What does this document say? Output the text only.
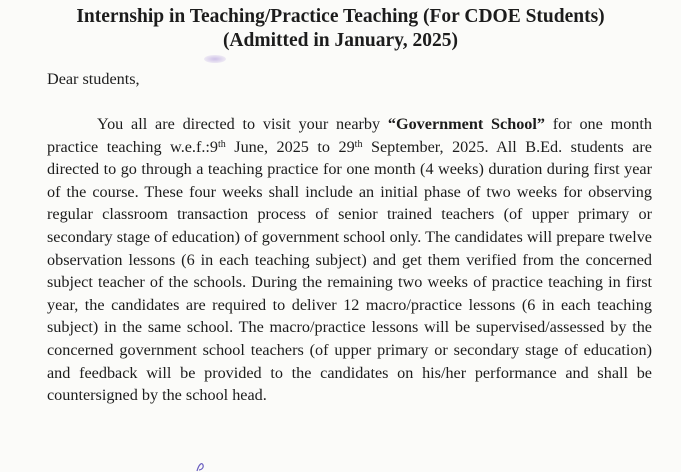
Internship in Teaching/Practice Teaching (For CDOE Students)
(Admitted in January, 2025)
Dear students,

You all are directed to visit your nearby “Government School” for one month practice teaching w.e.f.:9th June, 2025 to 29th September, 2025. All B.Ed. students are directed to go through a teaching practice for one month (4 weeks) duration during first year of the course. These four weeks shall include an initial phase of two weeks for observing regular classroom transaction process of senior trained teachers (of upper primary or secondary stage of education) of government school only. The candidates will prepare twelve observation lessons (6 in each teaching subject) and get them verified from the concerned subject teacher of the schools. During the remaining two weeks of practice teaching in first year, the candidates are required to deliver 12 macro/practice lessons (6 in each teaching subject) in the same school. The macro/practice lessons will be supervised/assessed by the concerned government school teachers (of upper primary or secondary stage of education) and feedback will be provided to the candidates on his/her performance and shall be countersigned by the school head.
